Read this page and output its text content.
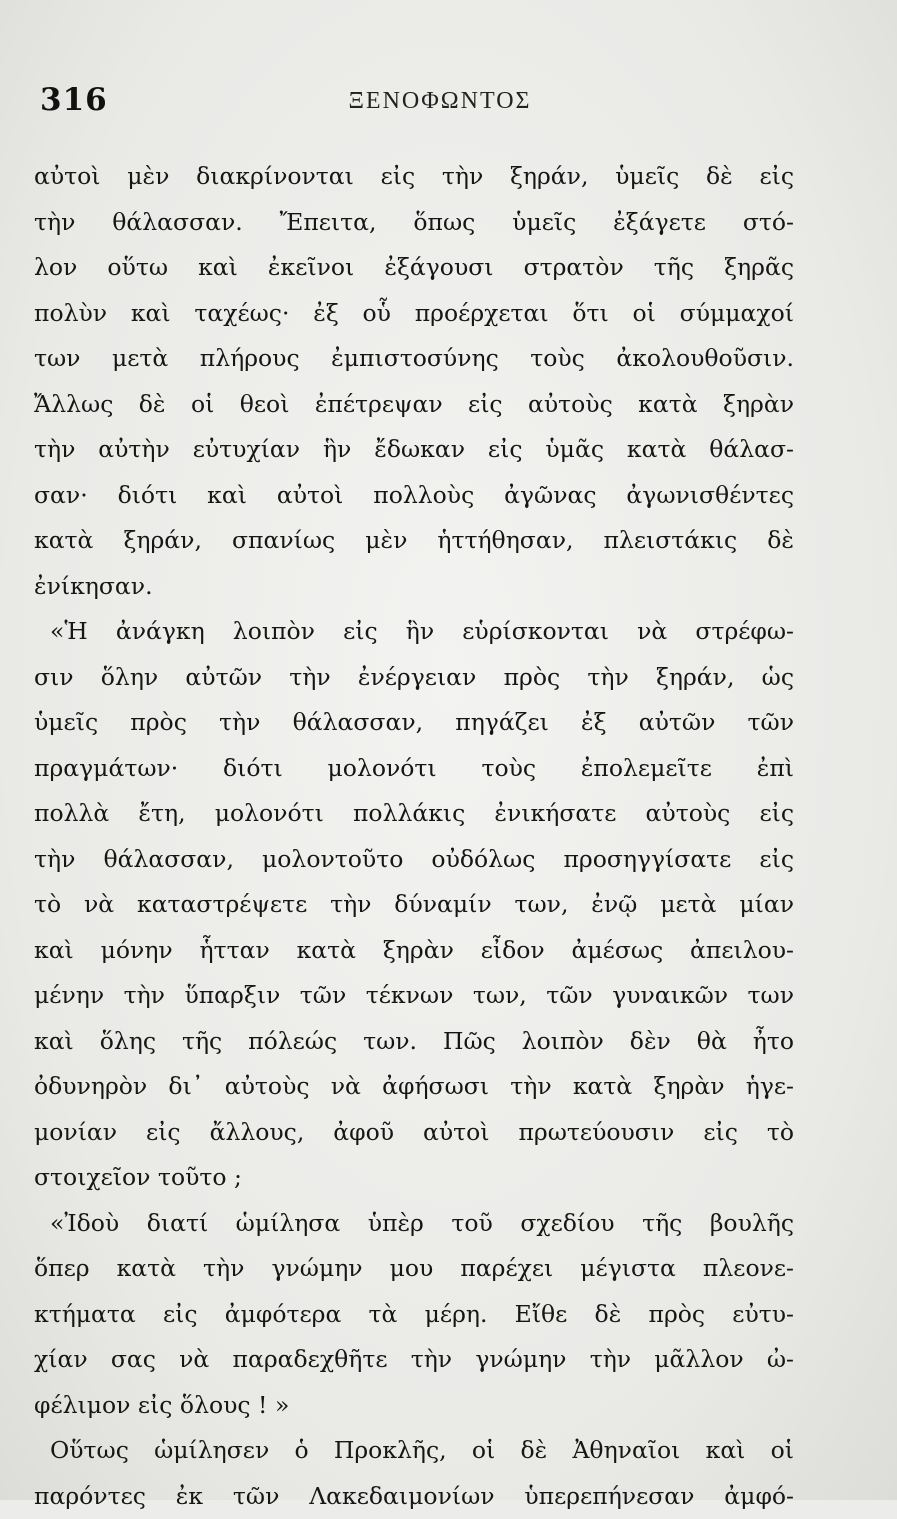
316	ΞΕΝΟΦΩΝΤΟΣ
αὐτοὶ μὲν διακρίνονται εἰς τὴν ξηράν, ὑμεῖς δὲ εἰς
τὴν θάλασσαν. Ἔπειτα, ὅπως ὑμεῖς ἐξάγετε στό-
λον οὕτω καὶ ἐκεῖνοι ἐξάγουσι στρατὸν τῆς ξηρᾶς
πολὺν καὶ ταχέως· ἐξ οὗ προέρχεται ὅτι οἱ σύμμαχοί
των μετὰ πλήρους ἐμπιστοσύνης τοὺς ἀκολουθοῦσιν.
Ἄλλως δὲ οἱ θεοὶ ἐπέτρεψαν εἰς αὐτοὺς κατὰ ξηρὰν
τὴν αὐτὴν εὐτυχίαν ἣν ἔδωκαν εἰς ὑμᾶς κατὰ θάλασ-
σαν· διότι καὶ αὐτοὶ πολλοὺς ἀγῶνας ἀγωνισθέντες
κατὰ ξηράν, σπανίως μὲν ἡττήθησαν, πλειστάκις δὲ
ἐνίκησαν.
«Ἡ ἀνάγκη λοιπὸν εἰς ἣν εὑρίσκονται νὰ στρέφω-
σιν ὅλην αὐτῶν τὴν ἐνέργειαν πρὸς τὴν ξηράν, ὡς
ὑμεῖς πρὸς τὴν θάλασσαν, πηγάζει ἐξ αὐτῶν τῶν
πραγμάτων· διότι μολονότι τοὺς ἐπολεμεῖτε ἐπὶ
πολλὰ ἔτη, μολονότι πολλάκις ἐνικήσατε αὐτοὺς εἰς
τὴν θάλασσαν, μολοντοῦτο οὐδόλως προσηγγίσατε εἰς
τὸ νὰ καταστρέψετε τὴν δύναμίν των, ἐνῷ μετὰ μίαν
καὶ μόνην ἧτταν κατὰ ξηρὰν εἶδον ἀμέσως ἀπειλου-
μένην τὴν ὕπαρξιν τῶν τέκνων των, τῶν γυναικῶν των
καὶ ὅλης τῆς πόλεώς των. Πῶς λοιπὸν δὲν θὰ ἦτο
ὀδυνηρὸν δι᾽ αὐτοὺς νὰ ἀφήσωσι τὴν κατὰ ξηρὰν ἡγε-
μονίαν εἰς ἄλλους, ἀφοῦ αὐτοὶ πρωτεύουσιν εἰς τὸ
στοιχεῖον τοῦτο ;
«Ἰδοὺ διατί ὡμίλησα ὑπὲρ τοῦ σχεδίου τῆς βουλῆς
ὅπερ κατὰ τὴν γνώμην μου παρέχει μέγιστα πλεονε-
κτήματα εἰς ἀμφότερα τὰ μέρη. Εἴθε δὲ πρὸς εὐτυ-
χίαν σας νὰ παραδεχθῆτε τὴν γνώμην τὴν μᾶλλον ὠ-
φέλιμον εἰς ὅλους ! »
Οὕτως ὡμίλησεν ὁ Προκλῆς, οἱ δὲ Ἀθηναῖοι καὶ οἱ
παρόντες ἐκ τῶν Λακεδαιμονίων ὑπερεπήνεσαν ἀμφό-
